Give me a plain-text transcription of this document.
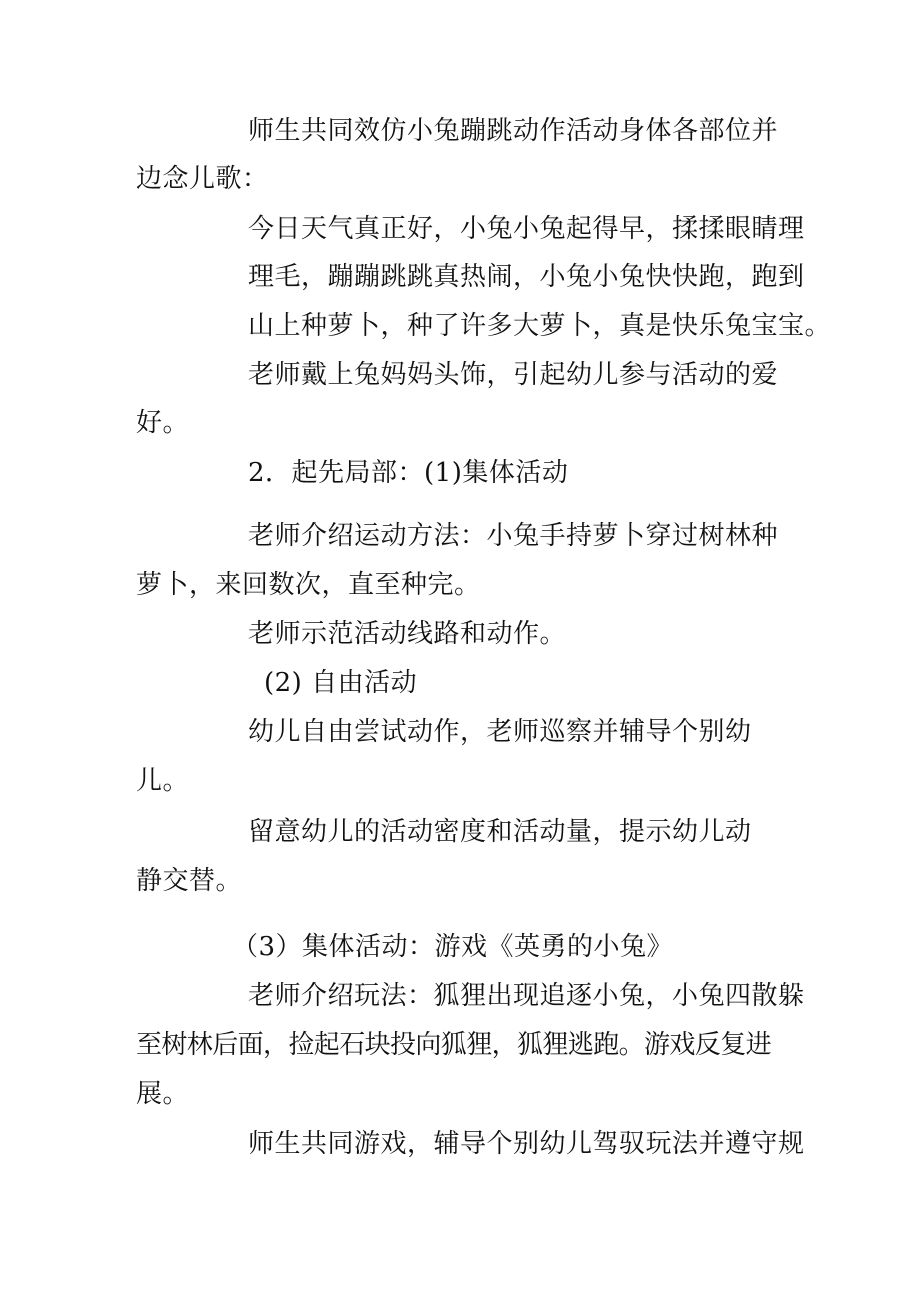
师生共同效仿小兔蹦跳动作活动身体各部位并

边念儿歌：

今日天气真正好，小兔小兔起得早，揉揉眼睛理

理毛，蹦蹦跳跳真热闹，小兔小兔快快跑，跑到

山上种萝卜，种了许多大萝卜，真是快乐兔宝宝。

老师戴上兔妈妈头饰，引起幼儿参与活动的爱

好。

2．起先局部：(1)集体活动

老师介绍运动方法：小兔手持萝卜穿过树林种

萝卜，来回数次，直至种完。

老师示范活动线路和动作。

(2) 自由活动

幼儿自由尝试动作，老师巡察并辅导个别幼

儿。

留意幼儿的活动密度和活动量，提示幼儿动

静交替。

（3）集体活动：游戏《英勇的小兔》

老师介绍玩法：狐狸出现追逐小兔，小兔四散躲

至树林后面，捡起石块投向狐狸，狐狸逃跑。游戏反复进

展。

师生共同游戏，辅导个别幼儿驾驭玩法并遵守规
